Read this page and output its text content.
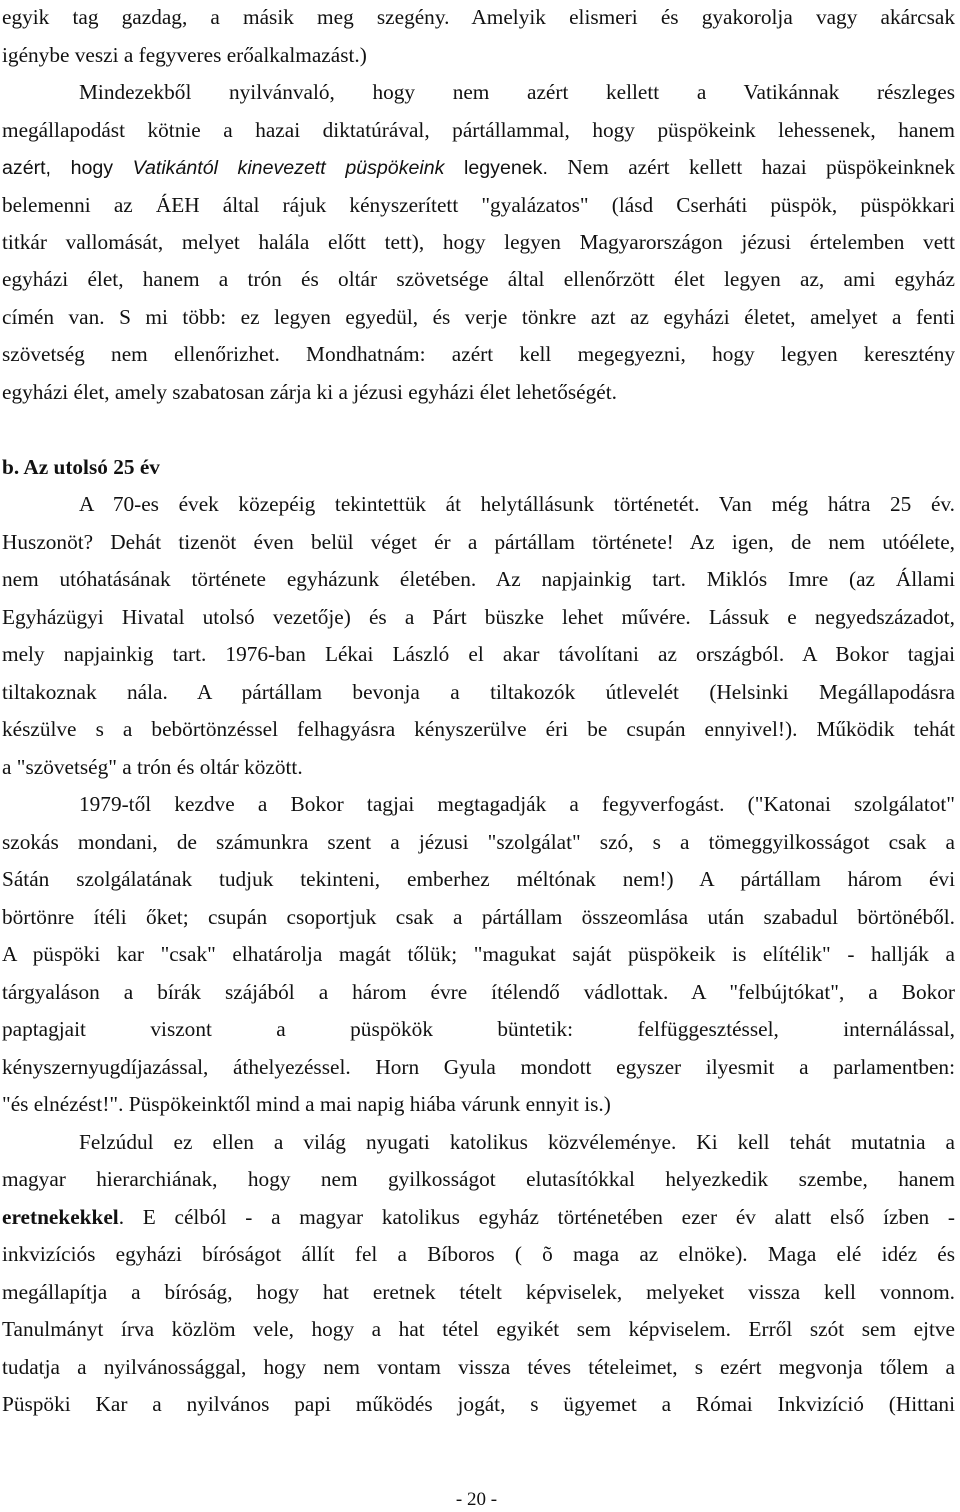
egyik tag gazdag, a másik meg szegény. Amelyik elismeri és gyakorolja vagy akárcsak
igénybe veszi a fegyveres erőalkalmazást.)
Mindezekből nyilvánvaló, hogy nem azért kellett a Vatikánnak részleges
megállapodást kötnie a hazai diktatúrával, pártállammal, hogy püspökeink lehessenek, hanem
azért, hogy Vatikántól kinevezett püspökeink legyenek. Nem azért kellett hazai püspökeinknek
belemenni az ÁEH által rájuk kényszerített "gyalázatos" (lásd Cserháti püspök, püspökkari
titkár vallomását, melyet halála előtt tett), hogy legyen Magyarországon jézusi értelemben vett
egyházi élet, hanem a trón és oltár szövetsége által ellenőrzött élet legyen az, ami egyház
címén van. S mi több: ez legyen egyedül, és verje tönkre azt az egyházi életet, amelyet a fenti
szövetség nem ellenőrizhet. Mondhatnám: azért kell megegyezni, hogy legyen keresztény
egyházi élet, amely szabatosan zárja ki a jézusi egyházi élet lehetőségét.
b. Az utolsó 25 év
A 70-es évek közepéig tekintettük át helytállásunk történetét. Van még hátra 25 év.
Huszonöt? Dehát tizenöt éven belül véget ér a pártállam története! Az igen, de nem utóélete,
nem utóhatásának története egyházunk életében. Az napjainkig tart. Miklós Imre (az Állami
Egyházügyi Hivatal utolsó vezetője) és a Párt büszke lehet művére. Lássuk e negyedszázadot,
mely napjainkig tart. 1976-ban Lékai László el akar távolítani az országból. A Bokor tagjai
tiltakoznak nála. A pártállam bevonja a tiltakozók útlevelét (Helsinki Megállapodásra
készülve s a bebörtönzéssel felhagyásra kényszerülve éri be csupán ennyivel!). Működik tehát
a "szövetség" a trón és oltár között.
1979-től kezdve a Bokor tagjai megtagadják a fegyverfogást. ("Katonai szolgálatot"
szokás mondani, de számunkra szent a jézusi "szolgálat" szó, s a tömeggyilkosságot csak a
Sátán szolgálatának tudjuk tekinteni, emberhez méltónak nem!) A pártállam három évi
börtönre ítéli őket; csupán csoportjuk csak a pártállam összeomlása után szabadul börtönéből.
A püspöki kar "csak" elhatárolja magát tőlük; "magukat saját püspökeik is elítélik" - hallják a
tárgyaláson a bírák szájából a három évre ítélendő vádlottak. A "felbújtókat", a Bokor
paptagjait viszont a püspökök büntetik: felfüggesztéssel, internálással,
kényszernyugdíjazással, áthelyezéssel. Horn Gyula mondott egyszer ilyesmit a parlamentben:
"és elnézést!". Püspökeinktől mind a mai napig hiába várunk ennyit is.)
Felzúdul ez ellen a világ nyugati katolikus közvéleménye. Ki kell tehát mutatnia a
magyar hierarchiának, hogy nem gyilkosságot elutasítókkal helyezkedik szembe, hanem
eretnekekkel. E célból - a magyar katolikus egyház történetében ezer év alatt első ízben -
inkvizíciós egyházi bíróságot állít fel a Bíboros ( õ maga az elnöke). Maga elé idéz és
megállapítja a bíróság, hogy hat eretnek tételt képviselek, melyeket vissza kell vonnom.
Tanulmányt írva közlöm vele, hogy a hat tétel egyikét sem képviselem. Erről szót sem ejtve
tudatja a nyilvánossággal, hogy nem vontam vissza téves tételeimet, s ezért megvonja tőlem a
Püspöki Kar a nyilvános papi működés jogát, s ügyemet a Római Inkvizíció (Hittani
- 20 -
